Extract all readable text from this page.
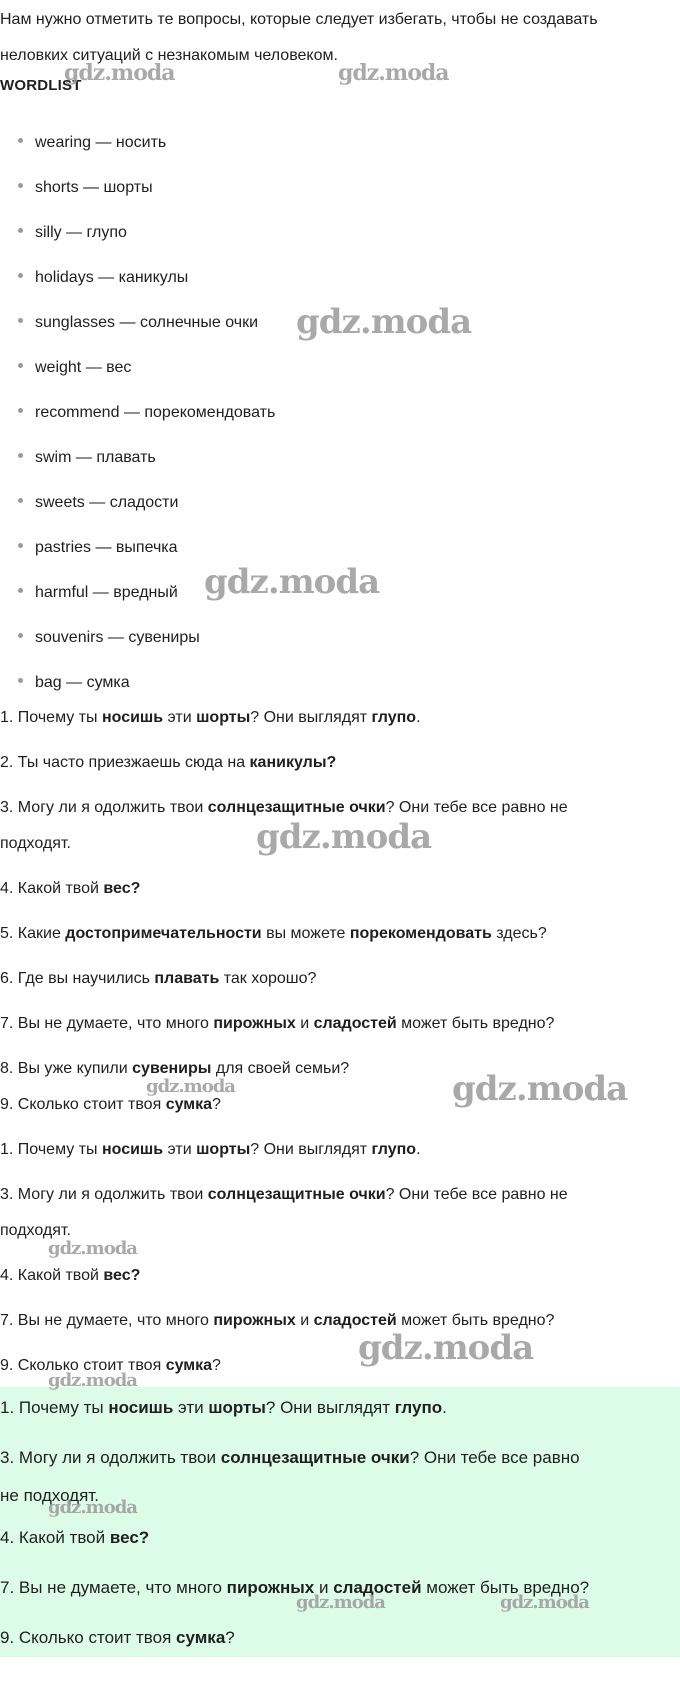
Нам нужно отметить те вопросы, которые следует избегать, чтобы не создавать неловких ситуаций с незнакомым человеком.
WORDLIST
wearing — носить
shorts — шорты
silly — глупо
holidays — каникулы
sunglasses — солнечные очки
weight — вес
recommend — порекомендовать
swim — плавать
sweets — сладости
pastries — выпечка
harmful — вредный
souvenirs — сувениры
bag — сумка
1. Почему ты носишь эти шорты? Они выглядят глупо.
2. Ты часто приезжаешь сюда на каникулы?
3. Могу ли я одолжить твои солнцезащитные очки? Они тебе все равно не
подходят.
4. Какой твой вес?
5. Какие достопримечательности вы можете порекомендовать здесь?
6. Где вы научились плавать так хорошо?
7. Вы не думаете, что много пирожных и сладостей может быть вредно?
8. Вы уже купили сувениры для своей семьи?
9. Сколько стоит твоя сумка?
1. Почему ты носишь эти шорты? Они выглядят глупо.
3. Могу ли я одолжить твои солнцезащитные очки? Они тебе все равно не
подходят.
4. Какой твой вес?
7. Вы не думаете, что много пирожных и сладостей может быть вредно?
9. Сколько стоит твоя сумка?
1. Почему ты носишь эти шорты? Они выглядят глупо.
3. Могу ли я одолжить твои солнцезащитные очки? Они тебе все равно
не подходят.
4. Какой твой вес?
7. Вы не думаете, что много пирожных и сладостей может быть вредно?
9. Сколько стоит твоя сумка?
gdz.moda	gdz.moda
gdz.moda
gdz.moda
gdz.moda
gdz.moda
gdz.moda
gdz.moda
gdz.moda
gdz.moda
gdz.moda
gdz.moda	gdz.moda
